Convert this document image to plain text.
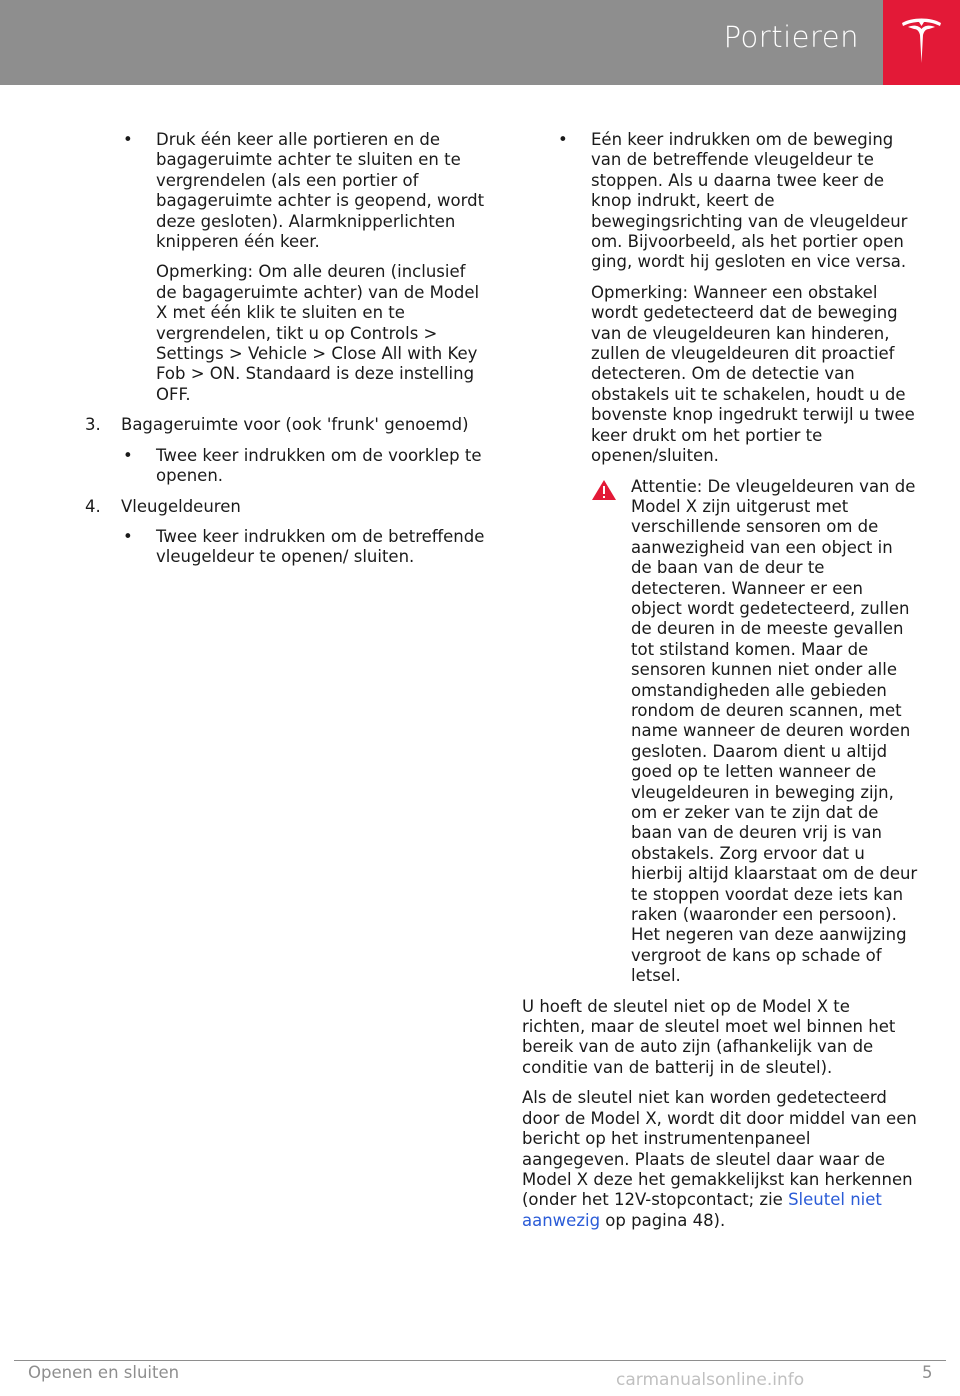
Portieren
• Druk één keer alle portieren en de bagageruimte achter te sluiten en te vergrendelen (als een portier of bagageruimte achter is geopend, wordt deze gesloten). Alarmknipperlichten knipperen één keer.
Opmerking: Om alle deuren (inclusief de bagageruimte achter) van de Model X met één klik te sluiten en te vergrendelen, tikt u op Controls > Settings > Vehicle > Close All with Key Fob > ON. Standaard is deze instelling OFF.
3. Bagageruimte voor (ook 'frunk' genoemd)
• Twee keer indrukken om de voorklep te openen.
4. Vleugeldeuren
• Twee keer indrukken om de betreffende vleugeldeur te openen/ sluiten.
• Eén keer indrukken om de beweging van de betreffende vleugeldeur te stoppen. Als u daarna twee keer de knop indrukt, keert de bewegingsrichting van de vleugeldeur om. Bijvoorbeeld, als het portier open ging, wordt hij gesloten en vice versa.
Opmerking: Wanneer een obstakel wordt gedetecteerd dat de beweging van de vleugeldeuren kan hinderen, zullen de vleugeldeuren dit proactief detecteren. Om de detectie van obstakels uit te schakelen, houdt u de bovenste knop ingedrukt terwijl u twee keer drukt om het portier te openen/sluiten.
Attentie: De vleugeldeuren van de Model X zijn uitgerust met verschillende sensoren om de aanwezigheid van een object in de baan van de deur te detecteren. Wanneer er een object wordt gedetecteerd, zullen de deuren in de meeste gevallen tot stilstand komen. Maar de sensoren kunnen niet onder alle omstandigheden alle gebieden rondom de deuren scannen, met name wanneer de deuren worden gesloten. Daarom dient u altijd goed op te letten wanneer de vleugeldeuren in beweging zijn, om er zeker van te zijn dat de baan van de deuren vrij is van obstakels. Zorg ervoor dat u hierbij altijd klaarstaat om de deur te stoppen voordat deze iets kan raken (waaronder een persoon). Het negeren van deze aanwijzing vergroot de kans op schade of letsel.
U hoeft de sleutel niet op de Model X te richten, maar de sleutel moet wel binnen het bereik van de auto zijn (afhankelijk van de conditie van de batterij in de sleutel).
Als de sleutel niet kan worden gedetecteerd door de Model X, wordt dit door middel van een bericht op het instrumentenpaneel aangegeven. Plaats de sleutel daar waar de Model X deze het gemakkelijkst kan herkennen (onder het 12V-stopcontact; zie Sleutel niet aanwezig op pagina 48).
Openen en sluiten	5
carmanualsonline.info
